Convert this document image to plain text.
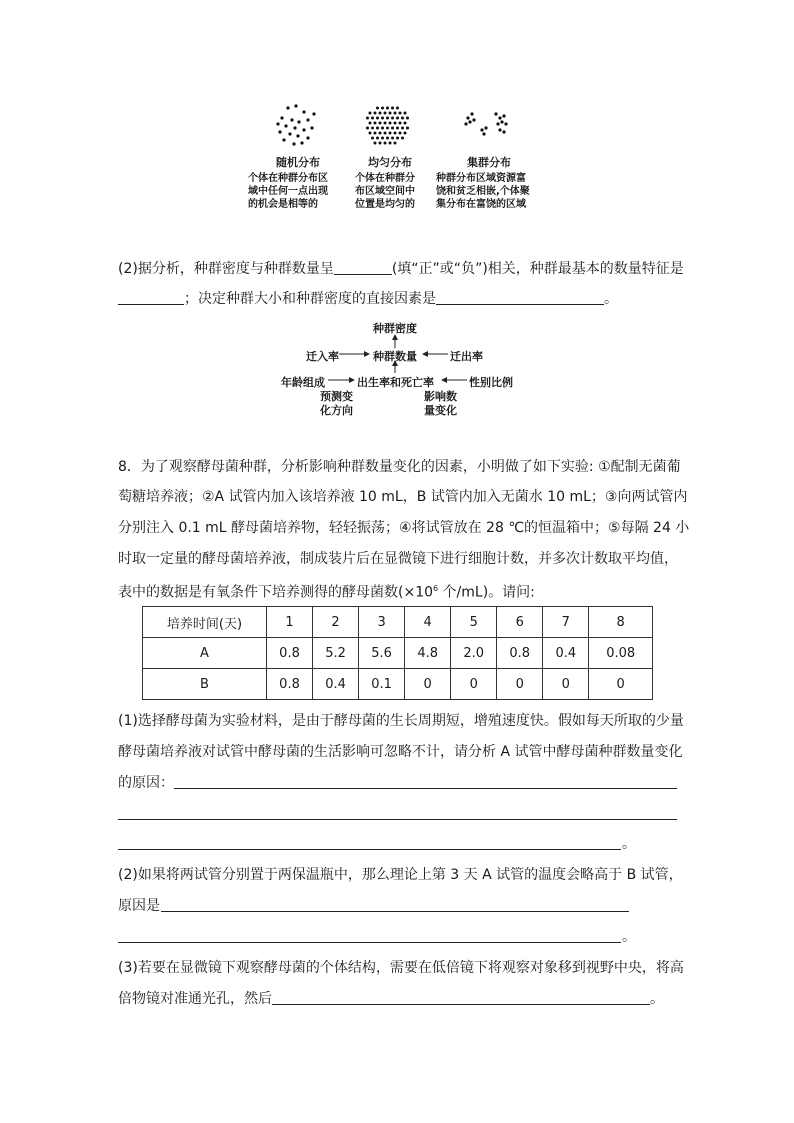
随机分布	均匀分布	集群分布
个体在种群分布区
域中任何一点出现
的机会是相等的
个体在种群分
布区域空间中
位置是均匀的
种群分布区域资源富
饶和贫乏相嵌,个体聚
集分布在富饶的区域
(2)据分析，种群密度与种群数量呈	(填“正”或“负”)相关，种群最基本的数量特征是
；决定种群大小和种群密度的直接因素是	。
种群密度
迁入率	种群数量	迁出率
年龄组成	出生率和死亡率	性别比例
预测变
化方向
影响数
量变化
8．为了观察酵母菌种群，分析影响种群数量变化的因素，小明做了如下实验: ①配制无菌葡
萄糖培养液；②A 试管内加入该培养液 10 mL，B 试管内加入无菌水 10 mL；③向两试管内
分别注入 0.1 mL 酵母菌培养物，轻轻振荡；④将试管放在 28 ℃的恒温箱中；⑤每隔 24 小
时取一定量的酵母菌培养液，制成装片后在显微镜下进行细胞计数，并多次计数取平均值，
表中的数据是有氧条件下培养测得的酵母菌数($\times 10^6$ 个/mL)。请问:
培养时间(天)	1	2	3	4	5	6	7	8
A	0.8	5.2	5.6	4.8	2.0	0.8	0.4	0.08
B	0.8	0.4	0.1	0	0	0	0	0
(1)选择酵母菌为实验材料，是由于酵母菌的生长周期短，增殖速度快。假如每天所取的少量
酵母菌培养液对试管中酵母菌的生活影响可忽略不计，请分析 A 试管中酵母菌种群数量变化
的原因：
。
(2)如果将两试管分别置于两保温瓶中，那么理论上第 3 天 A 试管的温度会略高于 B 试管，
原因是
。
(3)若要在显微镜下观察酵母菌的个体结构，需要在低倍镜下将观察对象移到视野中央，将高
倍物镜对准通光孔，然后	。
